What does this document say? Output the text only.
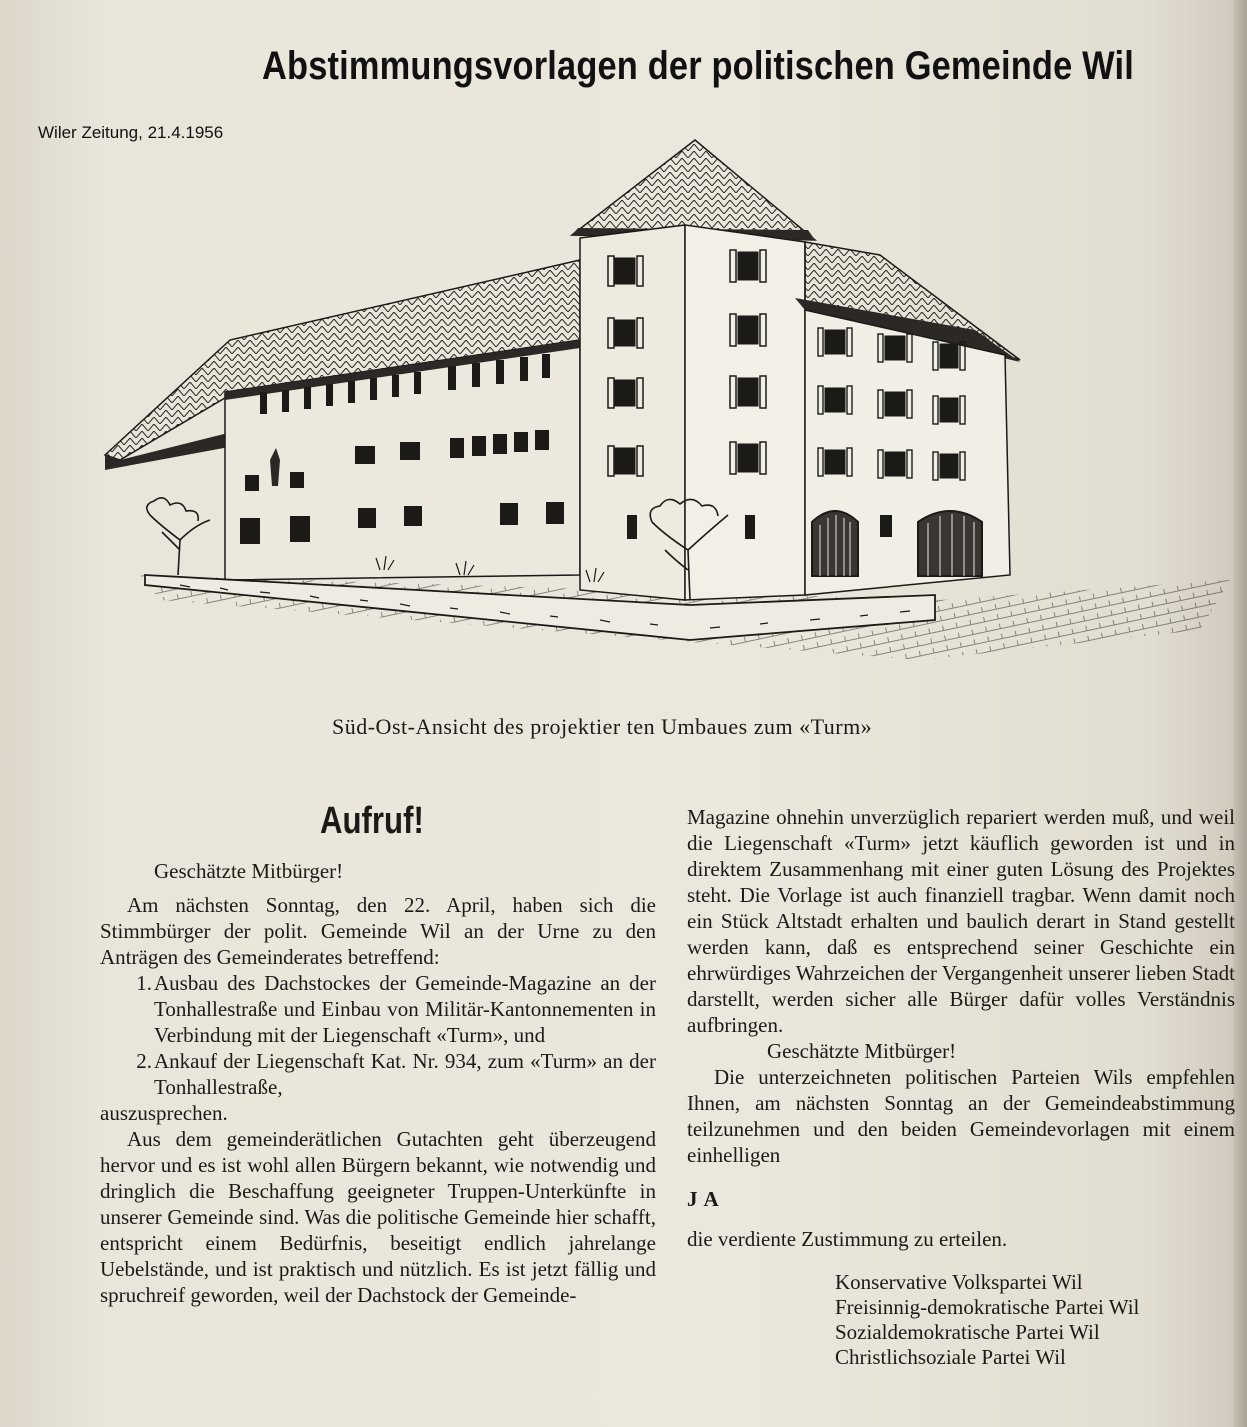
Abstimmungsvorlagen der politischen Gemeinde Wil
Wiler Zeitung, 21.4.1956
Süd-Ost-Ansicht des projektier ten Umbaues zum «Turm»
Aufruf!

Geschätzte Mitbürger!

Am nächsten Sonntag, den 22. April, haben sich die Stimmbürger der polit. Gemeinde Wil an der Urne zu den Anträgen des Gemeinderates betreffend:

1. Ausbau des Dachstockes der Gemeinde-Magazine an der Tonhallestraße und Einbau von Militär-Kantonnementen in Verbindung mit der Liegenschaft «Turm», und
2. Ankauf der Liegenschaft Kat. Nr. 934, zum «Turm» an der Tonhallestraße,

auszusprechen.

Aus dem gemeinderätlichen Gutachten geht überzeugend hervor und es ist wohl allen Bürgern bekannt, wie notwendig und dringlich die Beschaffung geeigneter Truppen-Unterkünfte in unserer Gemeinde sind. Was die politische Gemeinde hier schafft, entspricht einem Bedürfnis, beseitigt endlich jahrelange Uebelstände, und ist praktisch und nützlich. Es ist jetzt fällig und spruchreif geworden, weil der Dachstock der Gemeinde-

Magazine ohnehin unverzüglich repariert werden muß, und weil die Liegenschaft «Turm» jetzt käuflich geworden ist und in direktem Zusammenhang mit einer guten Lösung des Projektes steht. Die Vorlage ist auch finanziell tragbar. Wenn damit noch ein Stück Altstadt erhalten und baulich derart in Stand gestellt werden kann, daß es entsprechend seiner Geschichte ein ehrwürdiges Wahrzeichen der Vergangenheit unserer lieben Stadt darstellt, werden sicher alle Bürger dafür volles Verständnis aufbringen.

Geschätzte Mitbürger!

Die unterzeichneten politischen Parteien Wils empfehlen Ihnen, am nächsten Sonntag an der Gemeindeabstimmung teilzunehmen und den beiden Gemeindevorlagen mit einem einhelligen

JA

die verdiente Zustimmung zu erteilen.

Konservative Volkspartei Wil
Freisinnig-demokratische Partei Wil
Sozialdemokratische Partei Wil
Christlichsoziale Partei Wil
